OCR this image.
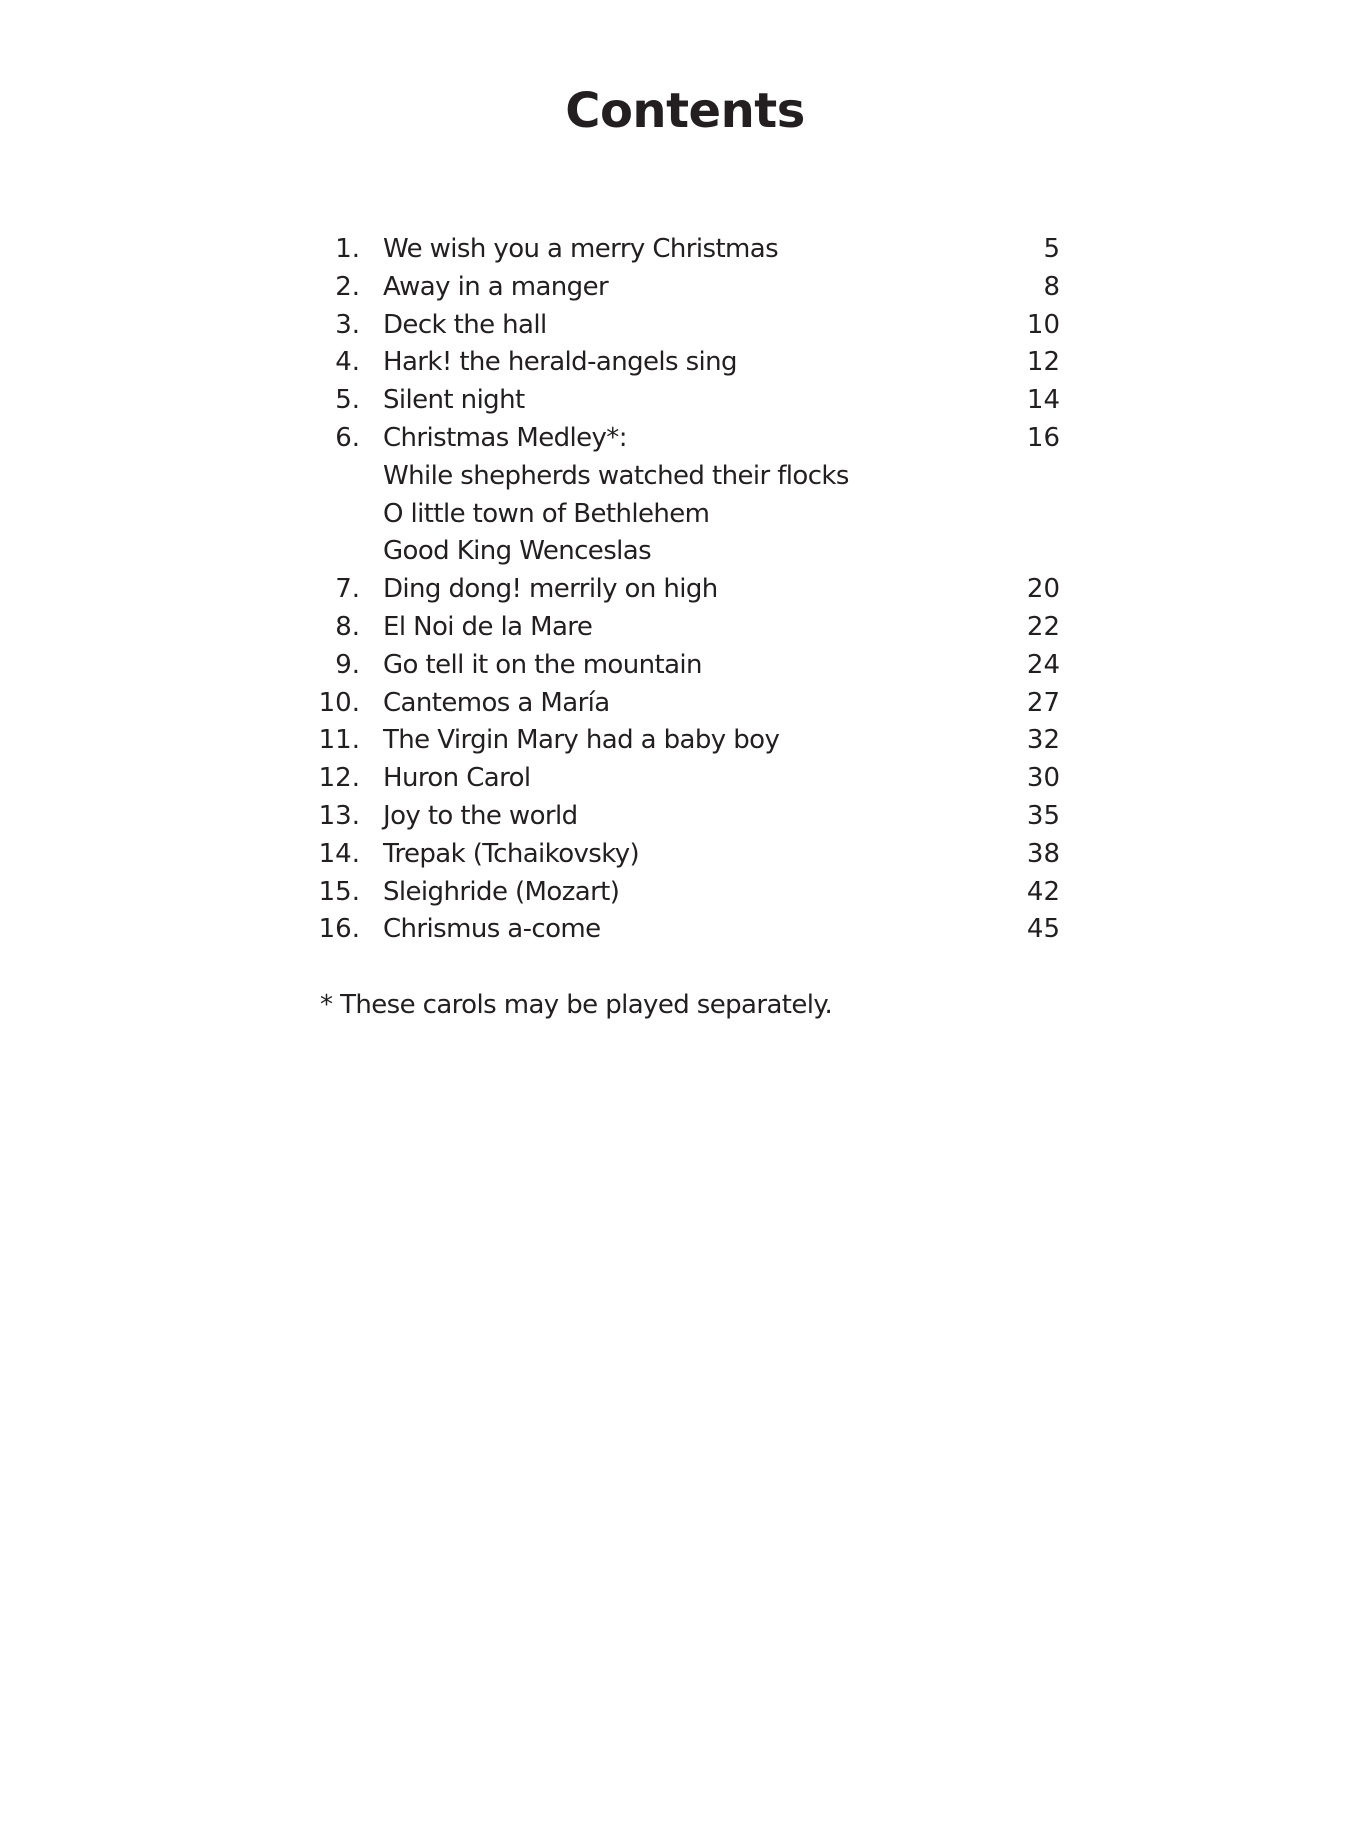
Contents
1. We wish you a merry Christmas	5
2. Away in a manger	8
3. Deck the hall	10
4. Hark! the herald-angels sing	12
5. Silent night	14
6. Christmas Medley*:	16
While shepherds watched their flocks
O little town of Bethlehem
Good King Wenceslas
7. Ding dong! merrily on high	20
8. El Noi de la Mare	22
9. Go tell it on the mountain	24
10. Cantemos a María	27
11. The Virgin Mary had a baby boy	32
12. Huron Carol	30
13. Joy to the world	35
14. Trepak (Tchaikovsky)	38
15. Sleighride (Mozart)	42
16. Chrismus a-come	45

* These carols may be played separately.
